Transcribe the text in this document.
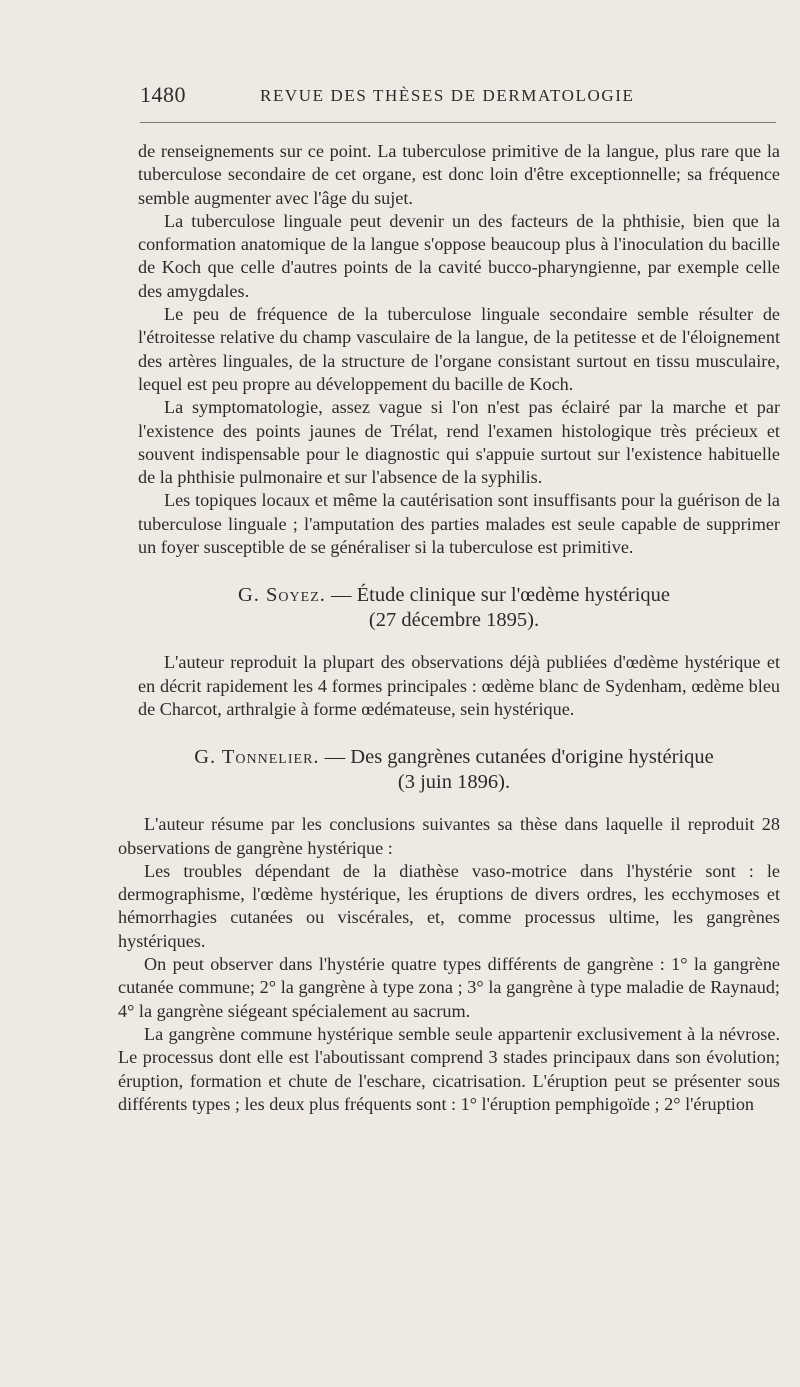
1480	REVUE DES THÈSES DE DERMATOLOGIE

de renseignements sur ce point. La tuberculose primitive de la langue, plus rare que la tuberculose secondaire de cet organe, est donc loin d'être exceptionnelle; sa fréquence semble augmenter avec l'âge du sujet.

La tuberculose linguale peut devenir un des facteurs de la phthisie, bien que la conformation anatomique de la langue s'oppose beaucoup plus à l'inoculation du bacille de Koch que celle d'autres points de la cavité bucco-pharyngienne, par exemple celle des amygdales.

Le peu de fréquence de la tuberculose linguale secondaire semble résulter de l'étroitesse relative du champ vasculaire de la langue, de la petitesse et de l'éloignement des artères linguales, de la structure de l'organe consistant surtout en tissu musculaire, lequel est peu propre au développement du bacille de Koch.

La symptomatologie, assez vague si l'on n'est pas éclairé par la marche et par l'existence des points jaunes de Trélat, rend l'examen histologique très précieux et souvent indispensable pour le diagnostic qui s'appuie surtout sur l'existence habituelle de la phthisie pulmonaire et sur l'absence de la syphilis.

Les topiques locaux et même la cautérisation sont insuffisants pour la guérison de la tuberculose linguale ; l'amputation des parties malades est seule capable de supprimer un foyer susceptible de se généraliser si la tuberculose est primitive.

G. Soyez. — Étude clinique sur l'œdème hystérique
(27 décembre 1895).

L'auteur reproduit la plupart des observations déjà publiées d'œdème hystérique et en décrit rapidement les 4 formes principales : œdème blanc de Sydenham, œdème bleu de Charcot, arthralgie à forme œdémateuse, sein hystérique.

G. Tonnelier. — Des gangrènes cutanées d'origine hystérique
(3 juin 1896).

L'auteur résume par les conclusions suivantes sa thèse dans laquelle il reproduit 28 observations de gangrène hystérique :

Les troubles dépendant de la diathèse vaso-motrice dans l'hystérie sont : le dermographisme, l'œdème hystérique, les éruptions de divers ordres, les ecchymoses et hémorrhagies cutanées ou viscérales, et, comme processus ultime, les gangrènes hystériques.

On peut observer dans l'hystérie quatre types différents de gangrène : 1° la gangrène cutanée commune; 2° la gangrène à type zona ; 3° la gangrène à type maladie de Raynaud; 4° la gangrène siégeant spécialement au sacrum.

La gangrène commune hystérique semble seule appartenir exclusivement à la névrose. Le processus dont elle est l'aboutissant comprend 3 stades principaux dans son évolution; éruption, formation et chute de l'eschare, cicatrisation. L'éruption peut se présenter sous différents types ; les deux plus fréquents sont : 1° l'éruption pemphigoïde ; 2° l'éruption
